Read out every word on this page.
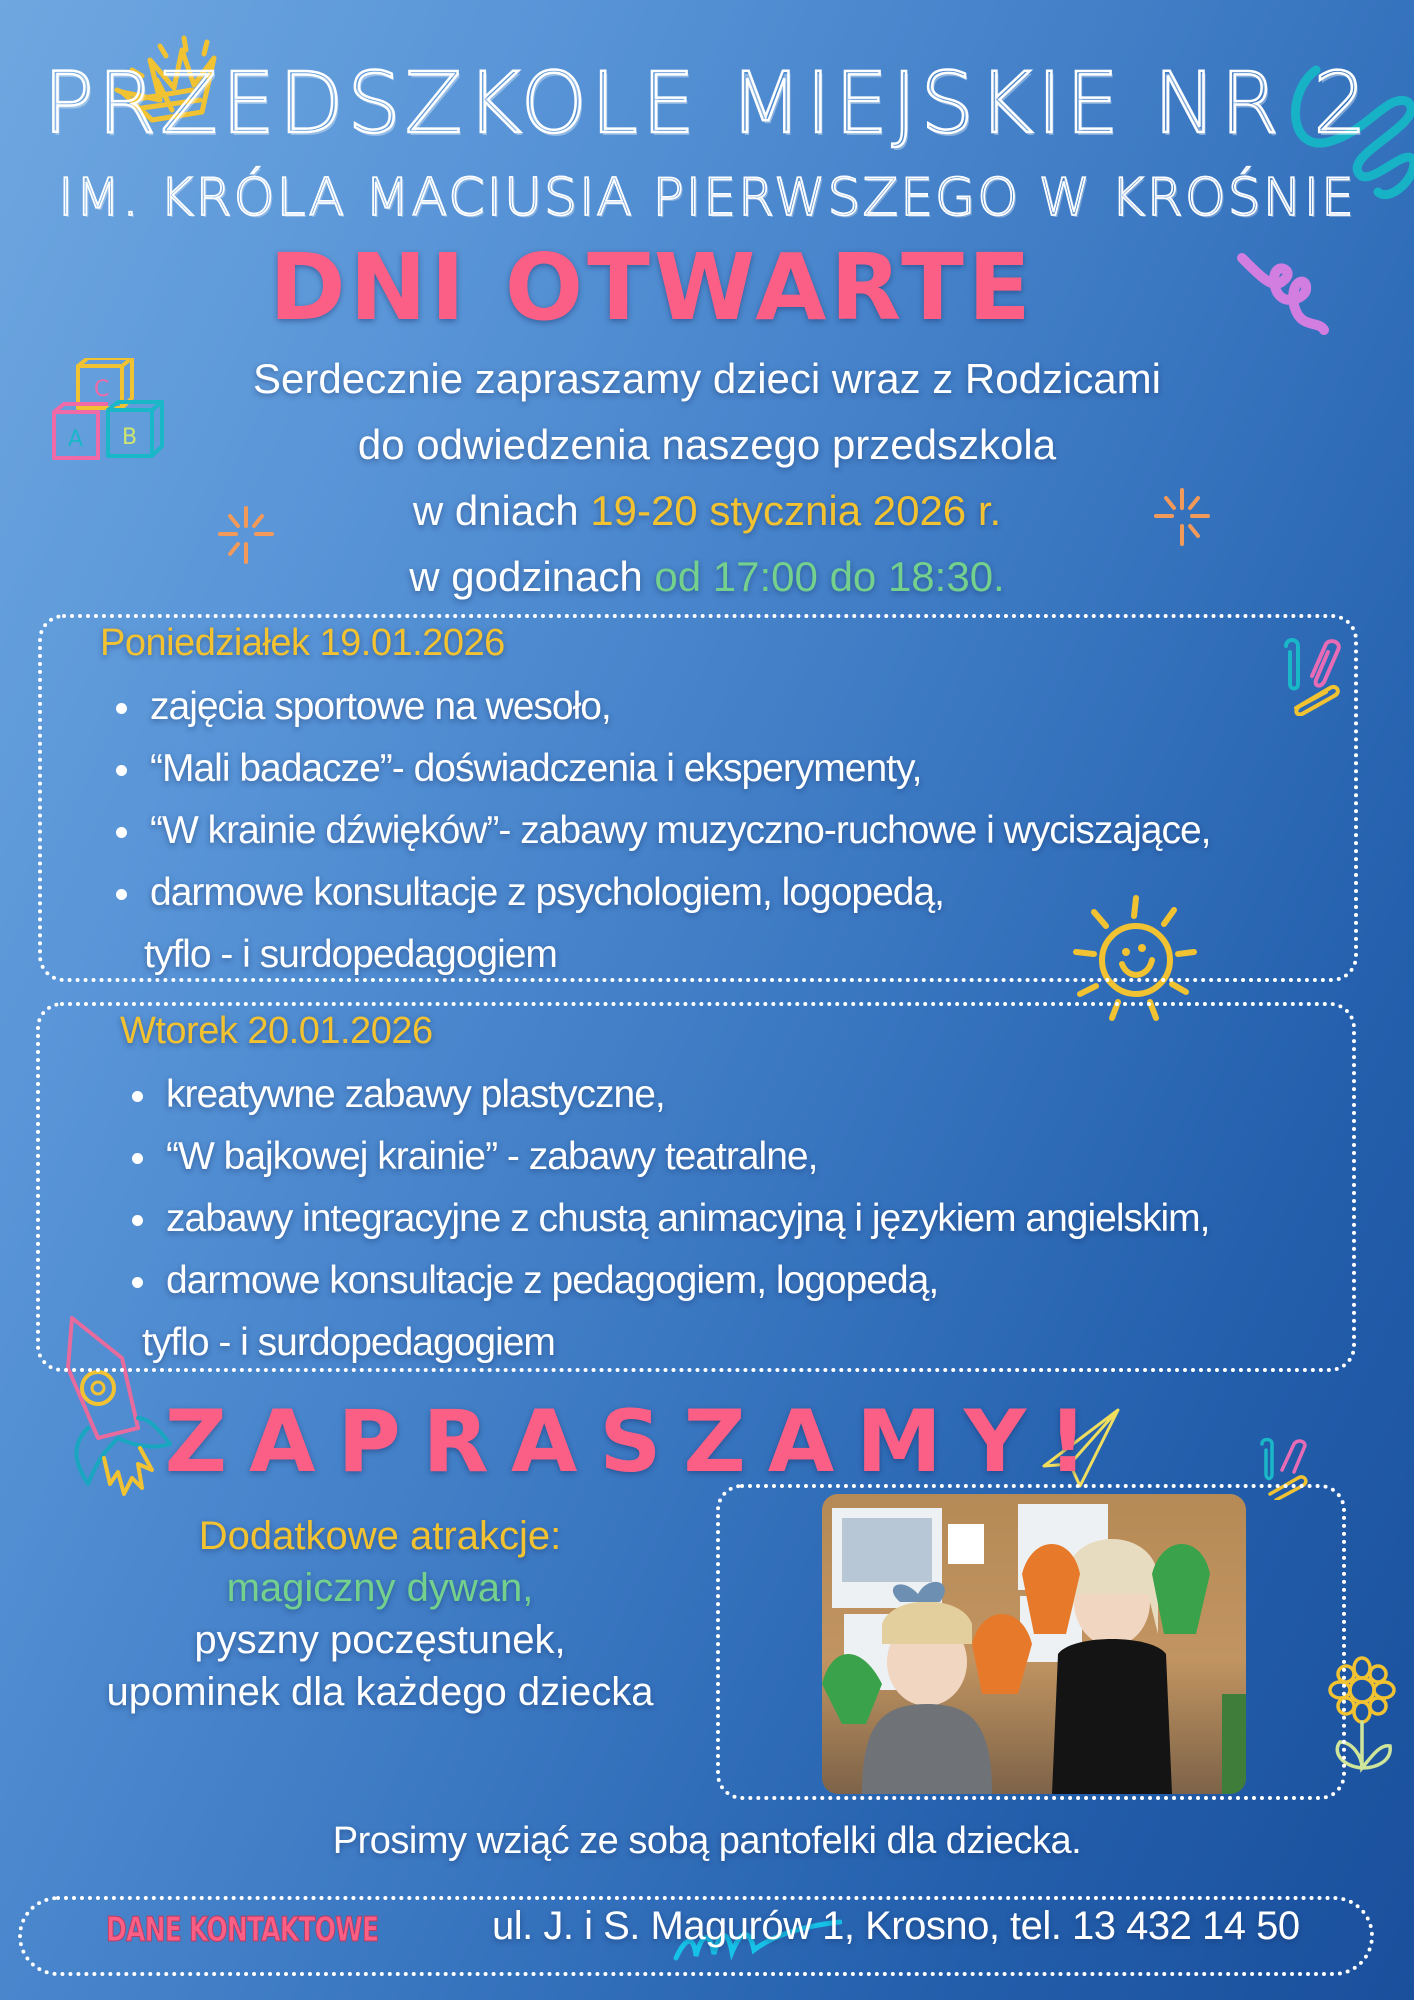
C
A B
PRZEDSZKOLE MIEJSKIE NR 2
IM. KRÓLA MACIUSIA PIERWSZEGO W KROŚNIE
DNI OTWARTE
Serdecznie zapraszamy dzieci wraz z Rodzicami
do odwiedzenia naszego przedszkola
w dniach 19-20 stycznia 2026 r.
w godzinach od 17:00 do 18:30.
Poniedziałek 19.01.2026
zajęcia sportowe na wesoło,
“Mali badacze”- doświadczenia i eksperymenty,
“W krainie dźwięków”- zabawy muzyczno-ruchowe i wyciszające,
darmowe konsultacje z psychologiem, logopedą,
tyflo - i surdopedagogiem
Wtorek 20.01.2026
kreatywne zabawy plastyczne,
“W bajkowej krainie” - zabawy teatralne,
zabawy integracyjne z chustą animacyjną i językiem angielskim,
darmowe konsultacje z pedagogiem, logopedą,
tyflo - i surdopedagogiem
ZAPRASZAMY!
Dodatkowe atrakcje:
magiczny dywan,
pyszny poczęstunek,
upominek dla każdego dziecka
Prosimy wziąć ze sobą pantofelki dla dziecka.
DANE KONTAKTOWE	ul. J. i S. Magurów 1, Krosno, tel. 13 432 14 50
